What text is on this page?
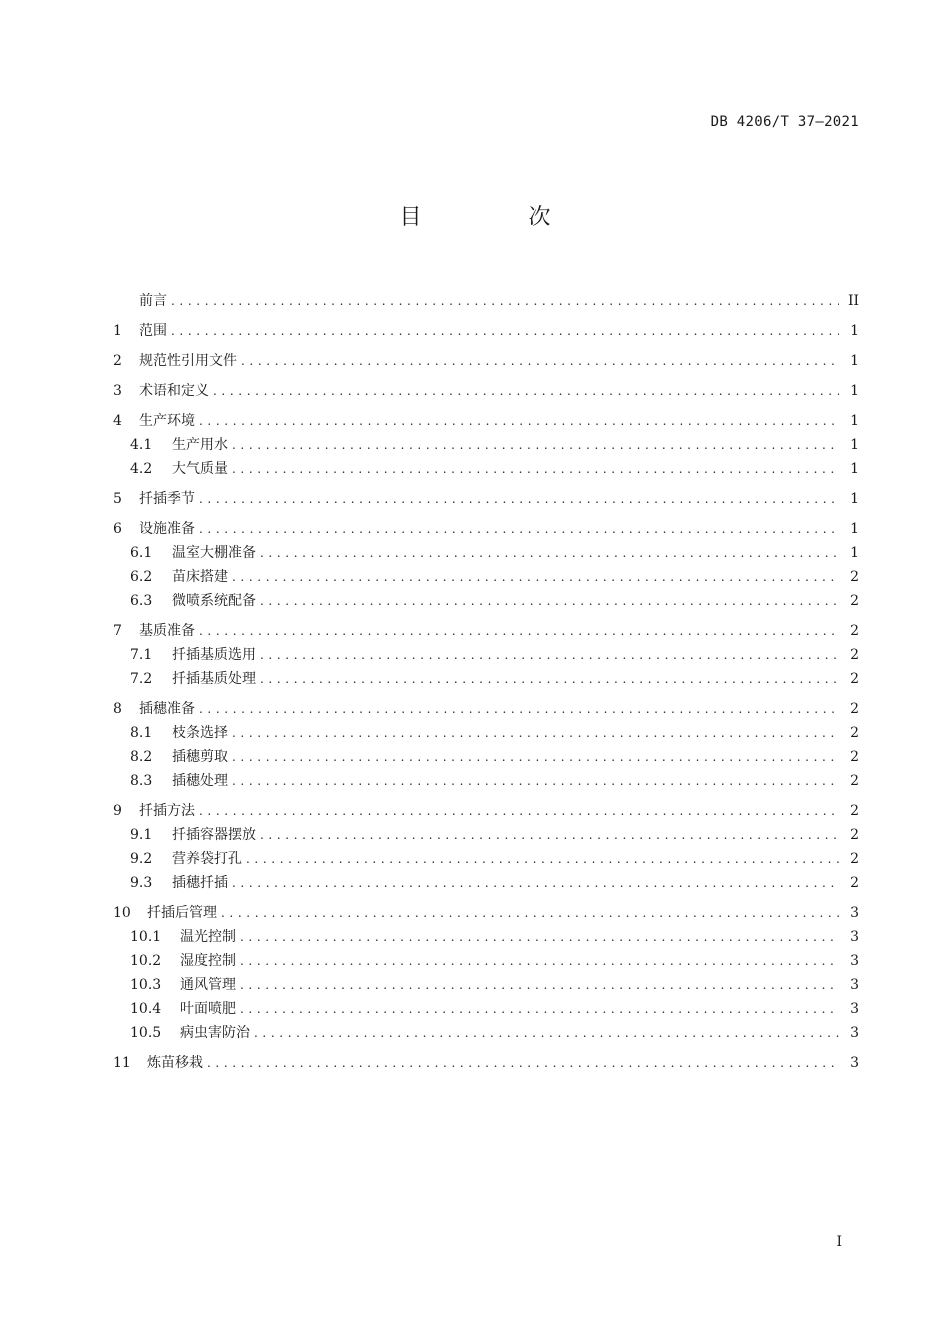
DB 4206/T 37—2021
目 次
前言 . . .	II
1	范围 . . .	1
2	规范性引用文件 . . .	1
3	术语和定义 . . .	1
4	生产环境 . . .	1
4.1	生产用水 . . .	1
4.2	大气质量 . . .	1
5	扦插季节 . . .	1
6	设施准备 . . .	1
6.1	温室大棚准备 . . .	1
6.2	苗床搭建 . . .	2
6.3	微喷系统配备 . . .	2
7	基质准备 . . .	2
7.1	扦插基质选用 . . .	2
7.2	扦插基质处理 . . .	2
8	插穗准备 . . .	2
8.1	枝条选择 . . .	2
8.2	插穗剪取 . . .	2
8.3	插穗处理 . . .	2
9	扦插方法 . . .	2
9.1	扦插容器摆放 . . .	2
9.2	营养袋打孔 . . .	2
9.3	插穗扦插 . . .	2
10	扦插后管理 . . .	3
10.1	温光控制 . . .	3
10.2	湿度控制 . . .	3
10.3	通风管理 . . .	3
10.4	叶面喷肥 . . .	3
10.5	病虫害防治 . . .	3
11	炼苗移栽 . . .	3
I
